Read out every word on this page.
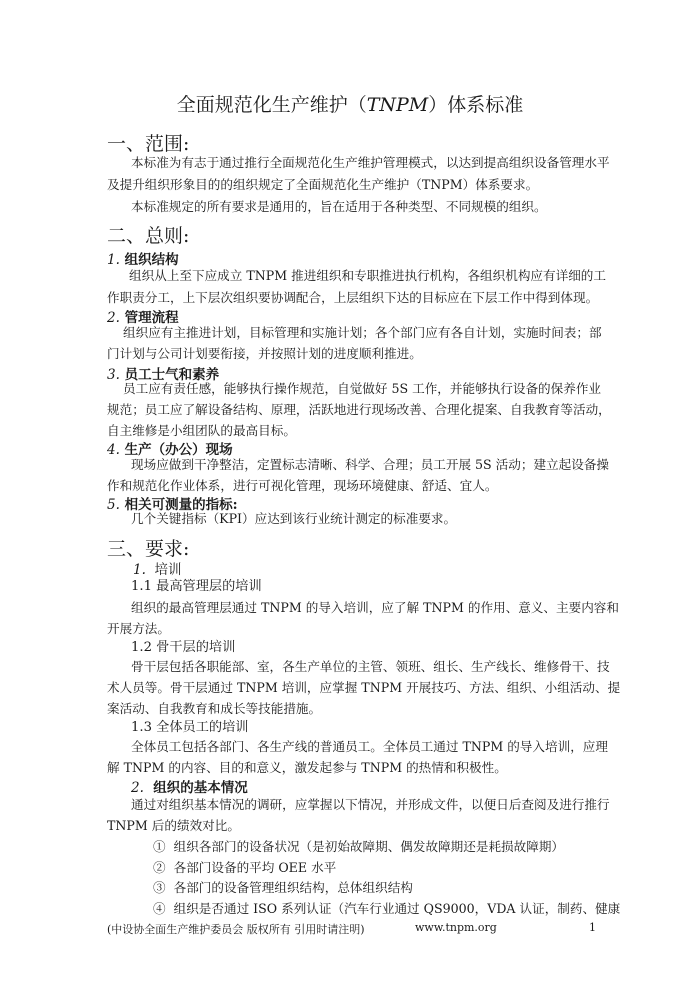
全面规范化生产维护（TNPM）体系标准
一、范围:
本标准为有志于通过推行全面规范化生产维护管理模式，以达到提高组织设备管理水平
及提升组织形象目的的组织规定了全面规范化生产维护（TNPM）体系要求。
本标准规定的所有要求是通用的，旨在适用于各种类型、不同规模的组织。
二、总则:
1. 组织结构
组织从上至下应成立 TNPM 推进组织和专职推进执行机构，各组织机构应有详细的工
作职责分工，上下层次组织要协调配合，上层组织下达的目标应在下层工作中得到体现。
2. 管理流程
组织应有主推进计划，目标管理和实施计划；各个部门应有各自计划，实施时间表；部
门计划与公司计划要衔接，并按照计划的进度顺利推进。
3. 员工士气和素养
员工应有责任感，能够执行操作规范，自觉做好 5S 工作，并能够执行设备的保养作业
规范；员工应了解设备结构、原理，活跃地进行现场改善、合理化提案、自我教育等活动，
自主维修是小组团队的最高目标。
4. 生产（办公）现场
现场应做到干净整洁，定置标志清晰、科学、合理；员工开展 5S 活动；建立起设备操
作和规范化作业体系，进行可视化管理，现场环境健康、舒适、宜人。
5. 相关可测量的指标:
几个关键指标（KPI）应达到该行业统计测定的标准要求。
三、要求:
1. 培训
1.1 最高管理层的培训
组织的最高管理层通过 TNPM 的导入培训，应了解 TNPM 的作用、意义、主要内容和
开展方法。
1.2 骨干层的培训
骨干层包括各职能部、室，各生产单位的主管、领班、组长、生产线长、维修骨干、技
术人员等。骨干层通过 TNPM 培训，应掌握 TNPM 开展技巧、方法、组织、小组活动、提
案活动、自我教育和成长等技能措施。
1.3 全体员工的培训
全体员工包括各部门、各生产线的普通员工。全体员工通过 TNPM 的导入培训，应理
解 TNPM 的内容、目的和意义，激发起参与 TNPM 的热情和积极性。
2. 组织的基本情况
通过对组织基本情况的调研，应掌握以下情况，并形成文件，以便日后查阅及进行推行
TNPM 后的绩效对比。
① 组织各部门的设备状况（是初始故障期、偶发故障期还是耗损故障期）
② 各部门设备的平均 OEE 水平
③ 各部门的设备管理组织结构，总体组织结构
④ 组织是否通过 ISO 系列认证（汽车行业通过 QS9000，VDA 认证，制药、健康
(中设协全面生产维护委员会 版权所有 引用时请注明)	www.tnpm.org	1
